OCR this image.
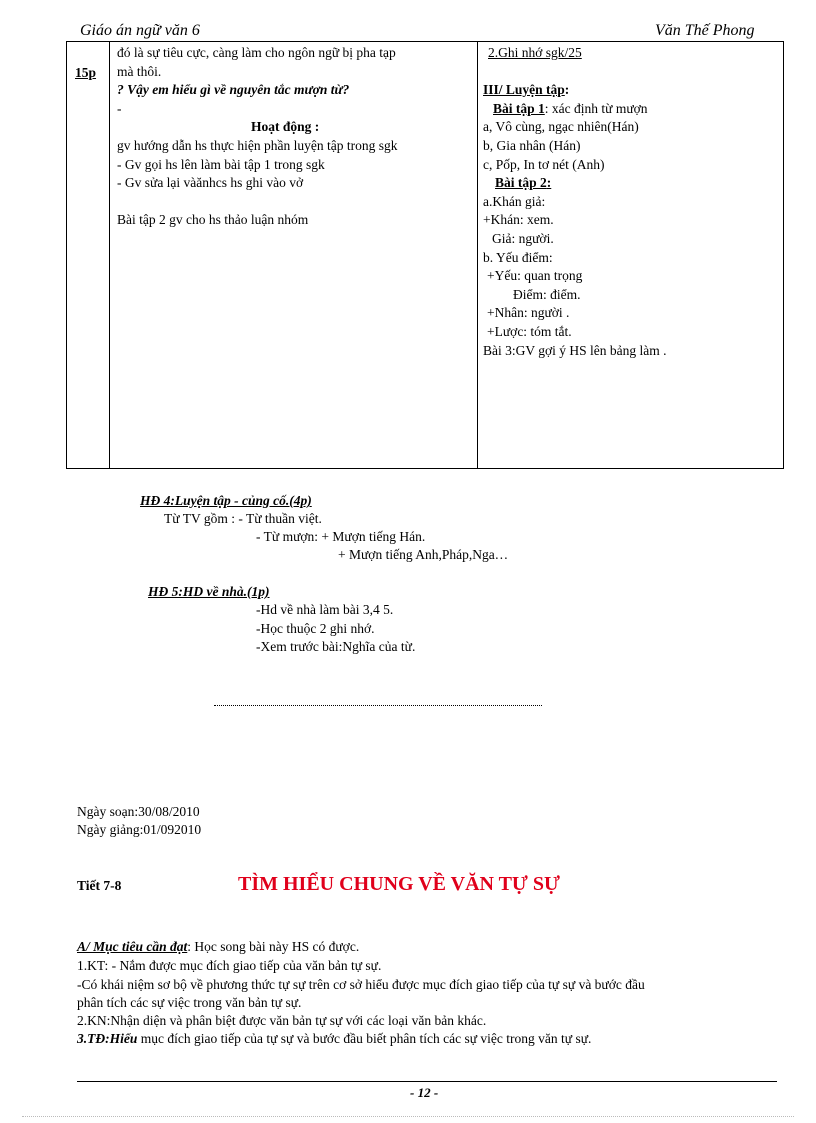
Giáo án ngữ văn 6	Văn Thế Phong
15p
đó là sự tiêu cực, càng làm cho ngôn ngữ bị pha tạp
mà thôi.
? Vậy em hiểu gì về nguyên tắc mượn từ?
-
Hoạt động :
gv hướng dẫn hs thực hiện phần luyện tập trong sgk
- Gv gọi hs lên làm bài tập 1 trong sgk
- Gv sửa lại vàănhcs hs ghi vào vở
Bài tập 2 gv cho hs thảo luận nhóm
2.Ghi nhớ sgk/25
III/ Luyện tập:
Bài tập 1: xác định từ mượn
a, Vô cùng, ngạc nhiên(Hán)
b, Gia nhân (Hán)
c, Pốp, In tơ nét (Anh)
Bài tập 2:
a.Khán giả:
+Khán: xem.
Giả: người.
b. Yếu điểm:
+Yếu: quan trọng
Điểm: điểm.
+Nhân: người .
+Lược: tóm tắt.
Bài 3:GV gợi ý HS lên bảng làm .
HĐ 4:Luyện tập - củng cố.(4p)
Từ TV gồm : - Từ thuần việt.
- Từ mượn: + Mượn tiếng Hán.
+ Mượn tiếng Anh,Pháp,Nga…
HĐ 5:HD về nhà.(1p)
-Hd về nhà làm bài 3,4 5.
-Học thuộc 2 ghi nhớ.
-Xem trước bài:Nghĩa của từ.
Ngày soạn:30/08/2010
Ngày giảng:01/092010
Tiết 7-8	TÌM HIỂU CHUNG VỀ VĂN TỰ SỰ
A/ Mục tiêu cần đạt: Học song bài này HS có được.
1.KT: - Nắm được mục đích giao tiếp của văn bản tự sự.
-Có khái niệm sơ bộ về phương thức tự sự trên cơ sở hiểu được mục đích giao tiếp của tự sự và bước đầu
phân tích các sự việc trong văn bản tự sự.
2.KN:Nhận diện và phân biệt được văn bản tự sự với các loại văn bản khác.
3.TĐ:Hiểu mục đích giao tiếp của tự sự và bước đầu biết phân tích các sự việc trong văn tự sự.
- 12 -
